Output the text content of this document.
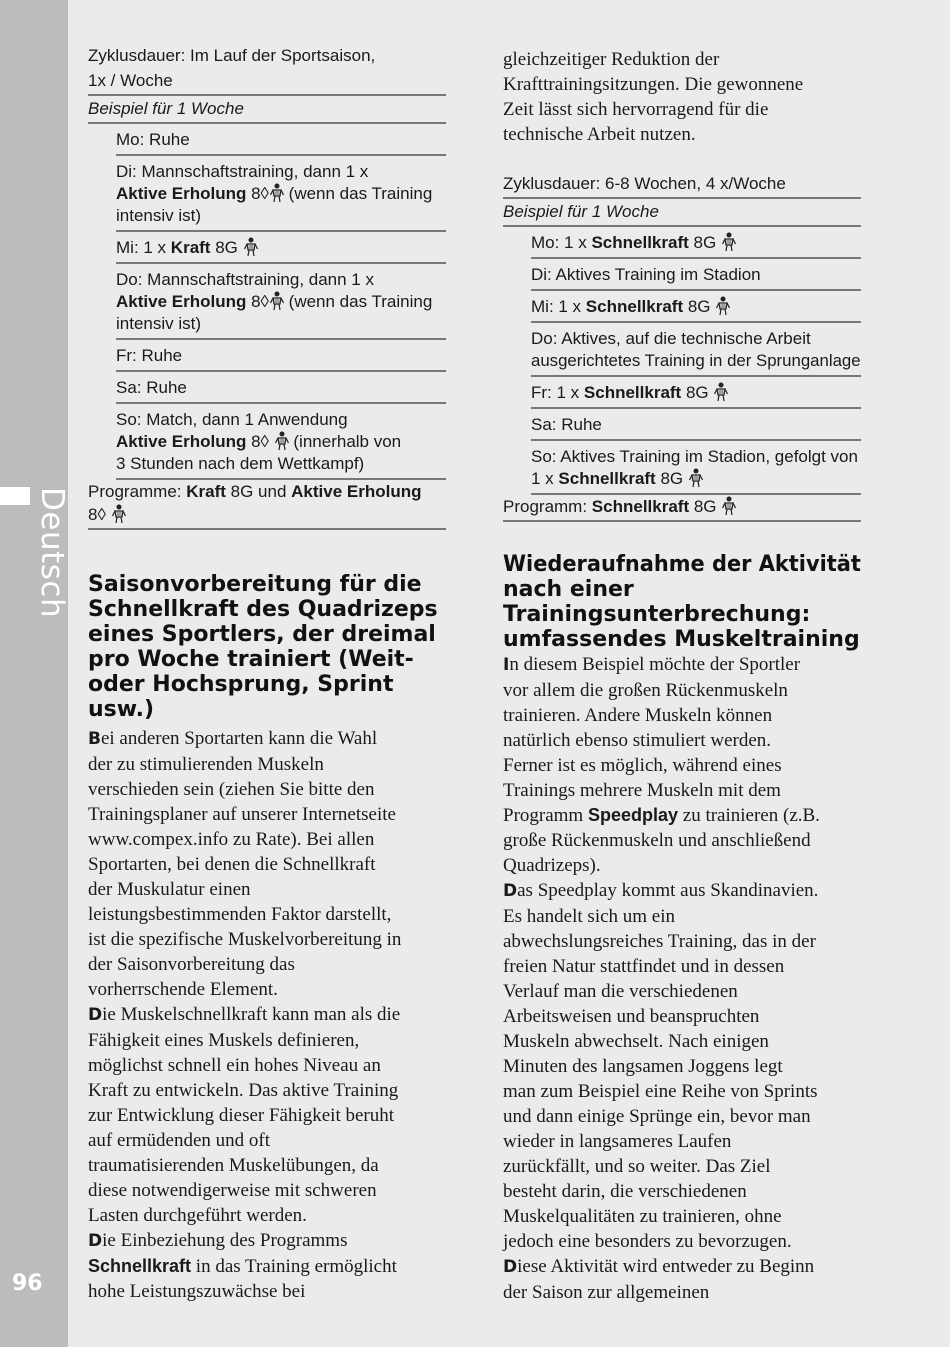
Deutsch
96
Zyklusdauer: Im Lauf der Sportsaison,
1x / Woche
Beispiel für 1 Woche
Mo: Ruhe
Di: Mannschaftstraining, dann 1 x
Aktive Erholung 8◊ (wenn das Training
intensiv ist)
Mi: 1 x Kraft 8G
Do: Mannschaftstraining, dann 1 x
Aktive Erholung 8◊ (wenn das Training
intensiv ist)
Fr: Ruhe
Sa: Ruhe
So: Match, dann 1 Anwendung
Aktive Erholung 8◊  (innerhalb von
3 Stunden nach dem Wettkampf)
Programme: Kraft 8G und Aktive Erholung
8◊
Saisonvorbereitung für die
Schnellkraft des Quadrizeps
eines Sportlers, der dreimal
pro Woche trainiert (Weit-
oder Hochsprung, Sprint
usw.)

Bei anderen Sportarten kann die Wahl

der zu stimulierenden Muskeln

verschieden sein (ziehen Sie bitte den

Trainingsplaner auf unserer Internetseite

www.compex.info zu Rate). Bei allen

Sportarten, bei denen die Schnellkraft

der Muskulatur einen

leistungsbestimmenden Faktor darstellt,

ist die spezifische Muskelvorbereitung in

der Saisonvorbereitung das

vorherrschende Element.

Die Muskelschnellkraft kann man als die

Fähigkeit eines Muskels definieren,

möglichst schnell ein hohes Niveau an

Kraft zu entwickeln. Das aktive Training

zur Entwicklung dieser Fähigkeit beruht

auf ermüdenden und oft

traumatisierenden Muskelübungen, da

diese notwendigerweise mit schweren

Lasten durchgeführt werden.

Die Einbeziehung des Programms

Schnellkraft in das Training ermöglicht

hohe Leistungszuwächse bei

gleichzeitiger Reduktion der

Krafttrainingsitzungen. Die gewonnene

Zeit lässt sich hervorragend für die

technische Arbeit nutzen.

Zyklusdauer: 6-8 Wochen, 4 x/Woche
Beispiel für 1 Woche
Mo: 1 x Schnellkraft 8G
Di: Aktives Training im Stadion
Mi: 1 x Schnellkraft 8G
Do: Aktives, auf die technische Arbeit
ausgerichtetes Training in der Sprunganlage
Fr: 1 x Schnellkraft 8G
Sa: Ruhe
So: Aktives Training im Stadion, gefolgt von
1 x Schnellkraft 8G
Programm: Schnellkraft 8G
Wiederaufnahme der Aktivität
nach einer
Trainingsunterbrechung:
umfassendes Muskeltraining

In diesem Beispiel möchte der Sportler

vor allem die großen Rückenmuskeln

trainieren. Andere Muskeln können

natürlich ebenso stimuliert werden.

Ferner ist es möglich, während eines

Trainings mehrere Muskeln mit dem

Programm Speedplay zu trainieren (z.B.

große Rückenmuskeln und anschließend

Quadrizeps).

Das Speedplay kommt aus Skandinavien.

Es handelt sich um ein

abwechslungsreiches Training, das in der

freien Natur stattfindet und in dessen

Verlauf man die verschiedenen

Arbeitsweisen und beanspruchten

Muskeln abwechselt. Nach einigen

Minuten des langsamen Joggens legt

man zum Beispiel eine Reihe von Sprints

und dann einige Sprünge ein, bevor man

wieder in langsameres Laufen

zurückfällt, und so weiter. Das Ziel

besteht darin, die verschiedenen

Muskelqualitäten zu trainieren, ohne

jedoch eine besonders zu bevorzugen.

Diese Aktivität wird entweder zu Beginn

der Saison zur allgemeinen
